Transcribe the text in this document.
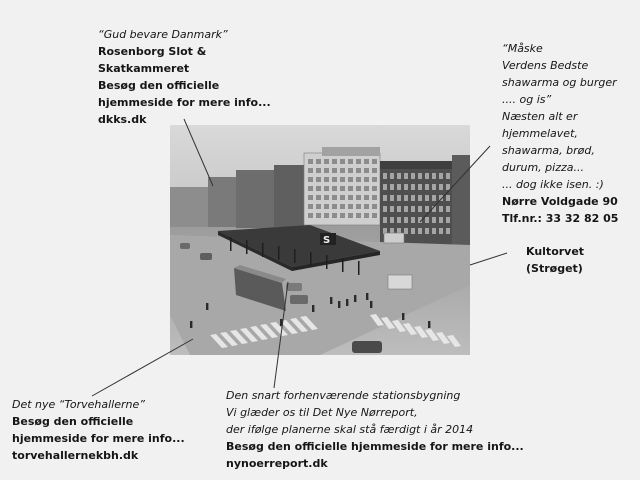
“Gud bevare Danmark”
Rosenborg Slot &
Skatkammeret
Besøg den officielle
hjemmeside for mere info...
dkks.dk
“Måske
Verdens Bedste
shawarma og burger
.... og is”
Næsten alt er
hjemmelavet,
shawarma, brød,
durum, pizza...
... dog ikke isen. :)
Nørre Voldgade 90
Tlf.nr.: 33 32 82 05
Kultorvet
(Strøget)
Det nye “Torvehallerne”
Besøg den officielle
hjemmeside for mere info...
torvehallernekbh.dk
Den snart forhenværende stationsbygning
Vi glæder os til Det Nye Nørreport,
der ifølge planerne skal stå færdigt i år 2014
Besøg den officielle hjemmeside for mere info...
nynoerreport.dk
S
